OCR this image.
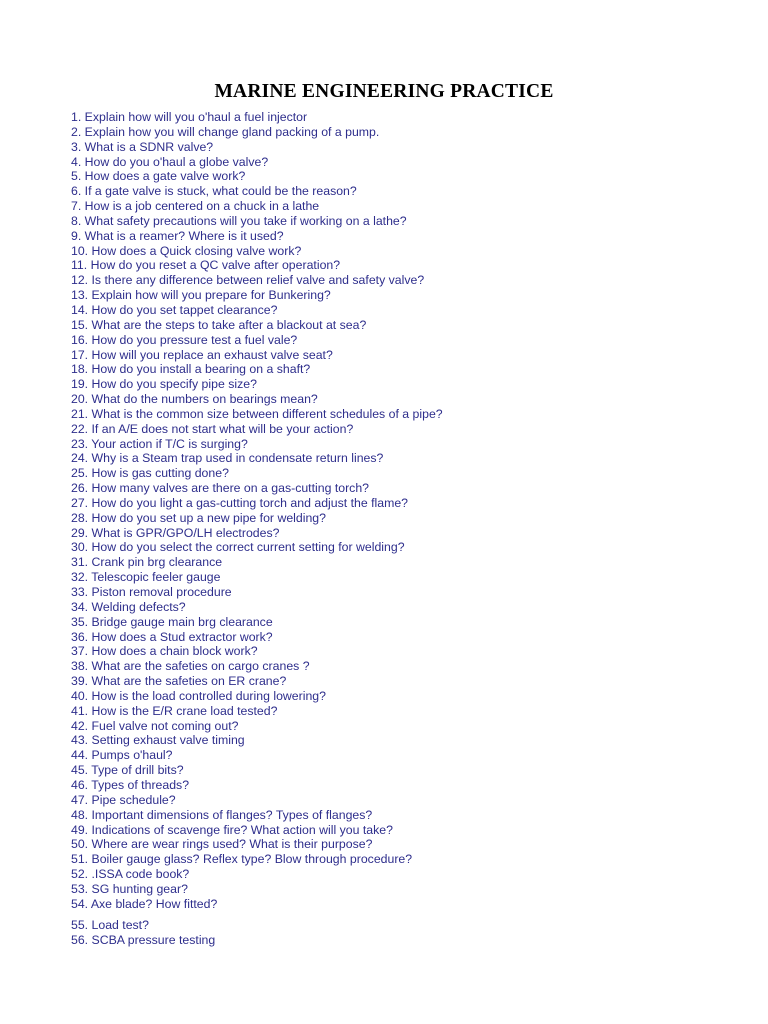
MARINE ENGINEERING PRACTICE
1. Explain how will you o'haul a fuel injector
2. Explain how you will change gland packing of a pump.
3. What is a SDNR valve?
4. How do you o'haul a globe valve?
5. How does a gate valve work?
6. If a gate valve is stuck, what could be the reason?
7. How is a job centered on a chuck in a lathe
8. What safety precautions will you take if working on a lathe?
9. What is a reamer? Where is it used?
10. How does a Quick closing valve work?
11. How do you reset a QC valve after operation?
12. Is there any difference between relief valve and safety valve?
13. Explain how will you prepare for Bunkering?
14. How do you set tappet clearance?
15. What are the steps to take after a blackout at sea?
16. How do you pressure test a fuel vale?
17. How will you replace an exhaust valve seat?
18. How do you install a bearing on a shaft?
19. How do you specify pipe size?
20. What do the numbers on bearings mean?
21. What is the common size between different schedules of a pipe?
22. If an A/E does not start what will be your action?
23. Your action if T/C is surging?
24. Why is a Steam trap used in condensate return lines?
25. How is gas cutting done?
26. How many valves are there on a gas-cutting torch?
27. How do you light a gas-cutting torch and adjust the flame?
28. How do you set up a new pipe for welding?
29. What is GPR/GPO/LH electrodes?
30. How do you select the correct current setting for welding?
31. Crank pin brg clearance
32. Telescopic feeler gauge
33. Piston removal procedure
34. Welding defects?
35. Bridge gauge main brg clearance
36. How does a Stud extractor work?
37. How does a chain block work?
38. What are the safeties on cargo cranes ?
39. What are the safeties on ER crane?
40. How is the load controlled during lowering?
41. How is the E/R crane load tested?
42. Fuel valve not coming out?
43. Setting exhaust valve timing
44. Pumps o'haul?
45. Type of drill bits?
46. Types of threads?
47. Pipe schedule?
48. Important dimensions of flanges? Types of flanges?
49. Indications of scavenge fire? What action will you take?
50. Where are wear rings used? What is their purpose?
51. Boiler gauge glass? Reflex type? Blow through procedure?
52. .ISSA code book?
53. SG hunting gear?
54. Axe blade? How fitted?
55. Load test?
56. SCBA pressure testing
